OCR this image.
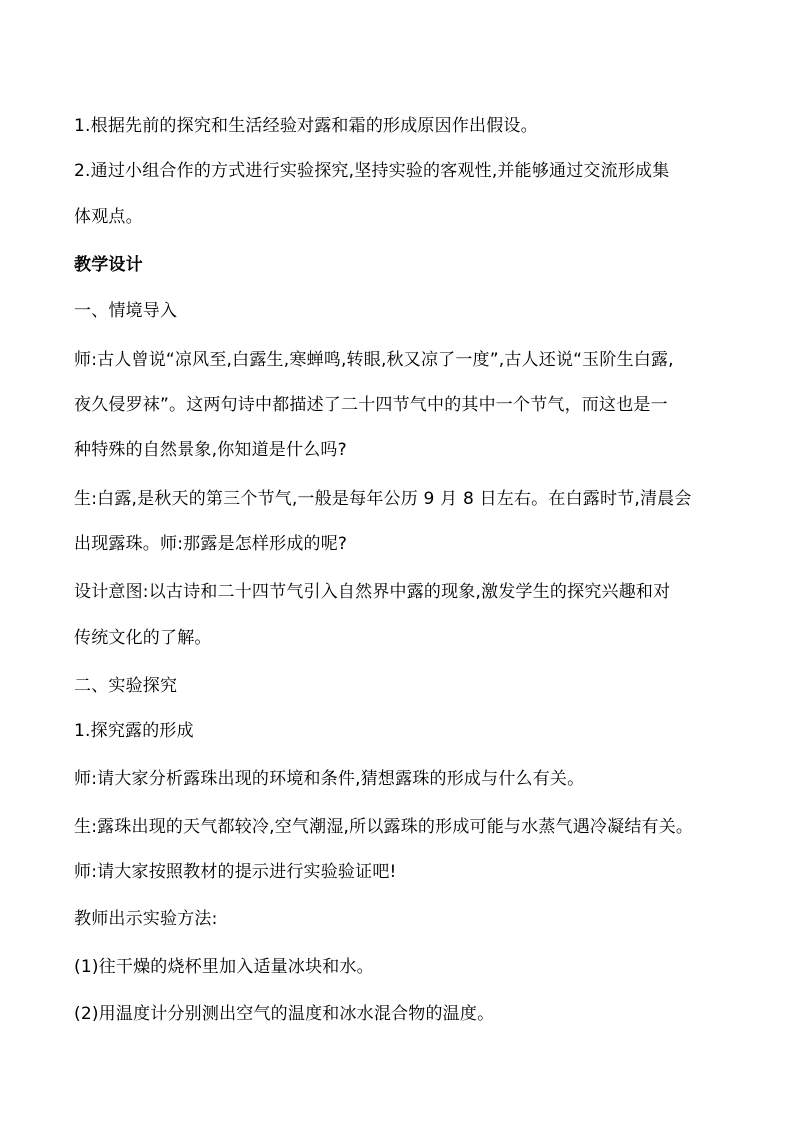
1.根据先前的探究和生活经验对露和霜的形成原因作出假设。
2.通过小组合作的方式进行实验探究,坚持实验的客观性,并能够通过交流形成集
体观点。
教学设计
一、情境导入
师:古人曾说“凉风至,白露生,寒蝉鸣,转眼,秋又凉了一度”,古人还说“玉阶生白露,
夜久侵罗袜”。这两句诗中都描述了二十四节气中的其中一个节气，而这也是一
种特殊的自然景象,你知道是什么吗?
生:白露,是秋天的第三个节气,一般是每年公历 9 月 8 日左右。在白露时节,清晨会
出现露珠。师:那露是怎样形成的呢?
设计意图:以古诗和二十四节气引入自然界中露的现象,激发学生的探究兴趣和对
传统文化的了解。
二、实验探究
1.探究露的形成
师:请大家分析露珠出现的环境和条件,猜想露珠的形成与什么有关。
生:露珠出现的天气都较冷,空气潮湿,所以露珠的形成可能与水蒸气遇冷凝结有关。
师:请大家按照教材的提示进行实验验证吧!
教师出示实验方法:
(1)往干燥的烧杯里加入适量冰块和水。
(2)用温度计分别测出空气的温度和冰水混合物的温度。
